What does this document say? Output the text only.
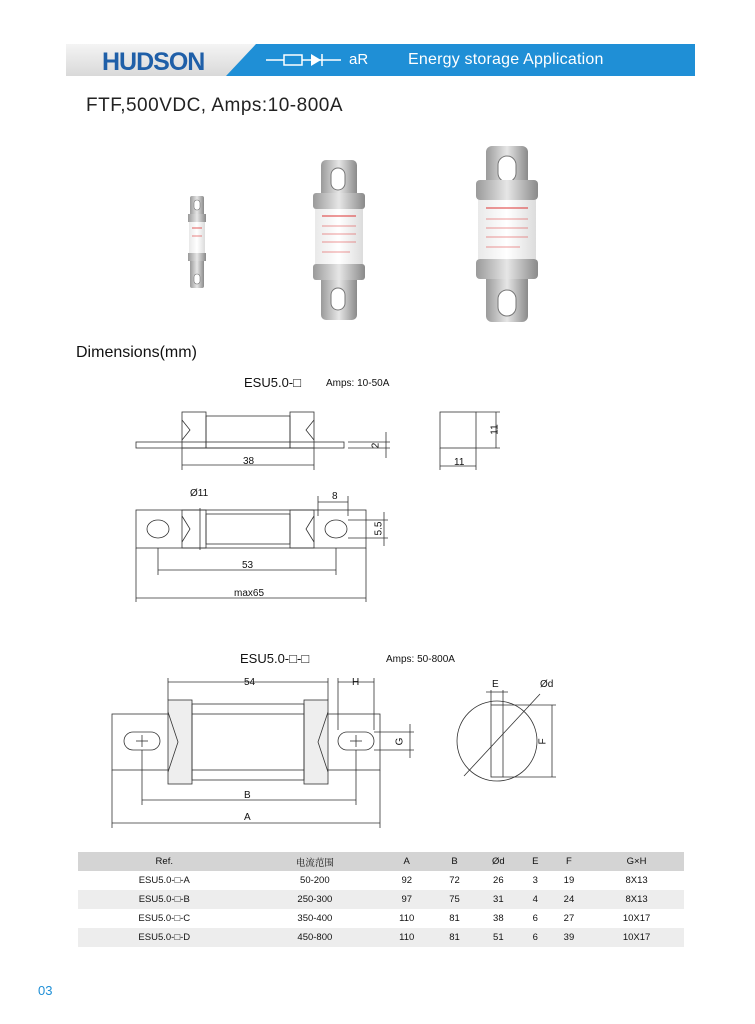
HUDSON	aR Energy storage Application
FTF,500VDC, Amps:10-800A
Dimensions(mm)
ESU5.0-□	Amps: 10-50A
38
2
11
11
Ø11	8
5.5
53
max65
ESU5.0-□-□	Amps: 50-800A
54	H
G
B
A
E	Ød
F
Ref.	电流范围	A	B	Ød	E	F	G×H
ESU5.0-□-A	50-200	92	72	26	3	19	8X13
ESU5.0-□-B	250-300	97	75	31	4	24	8X13
ESU5.0-□-C	350-400	110	81	38	6	27	10X17
ESU5.0-□-D	450-800	110	81	51	6	39	10X17
03
